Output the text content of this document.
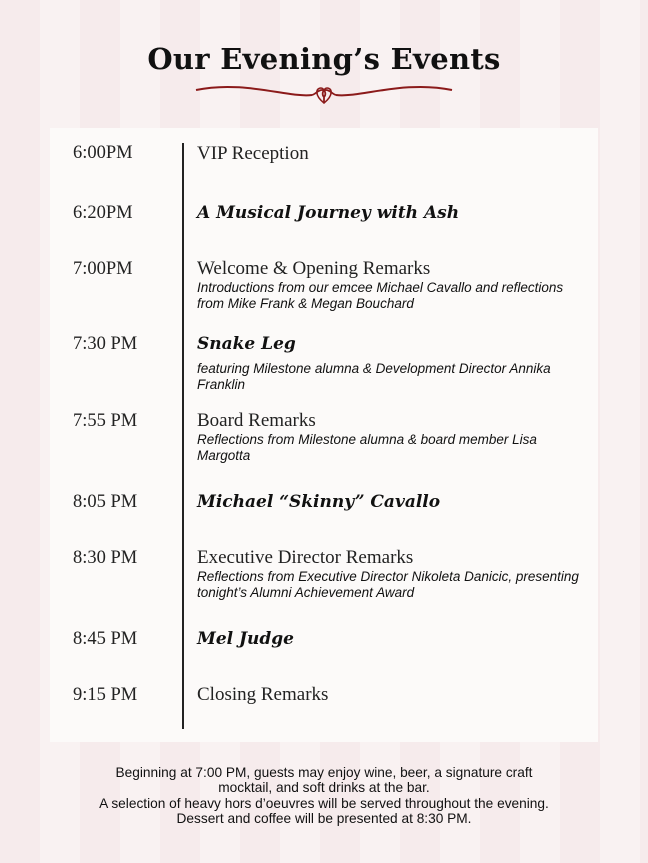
Our Evening’s Events
6:00PM	VIP Reception
6:20PM	A Musical Journey with Ash
7:00PM	Welcome & Opening Remarks
Introductions from our emcee Michael Cavallo and reflections from Mike Frank & Megan Bouchard
7:30 PM	Snake Leg
featuring Milestone alumna & Development Director Annika Franklin
7:55 PM	Board Remarks
Reflections from Milestone alumna & board member Lisa Margotta
8:05 PM	Michael “Skinny” Cavallo
8:30 PM	Executive Director Remarks
Reflections from Executive Director Nikoleta Danicic, presenting tonight’s Alumni Achievement Award
8:45 PM	Mel Judge
9:15 PM	Closing Remarks
Beginning at 7:00 PM, guests may enjoy wine, beer, a signature craft
mocktail, and soft drinks at the bar.
A selection of heavy hors d’oeuvres will be served throughout the evening.
Dessert and coffee will be presented at 8:30 PM.
